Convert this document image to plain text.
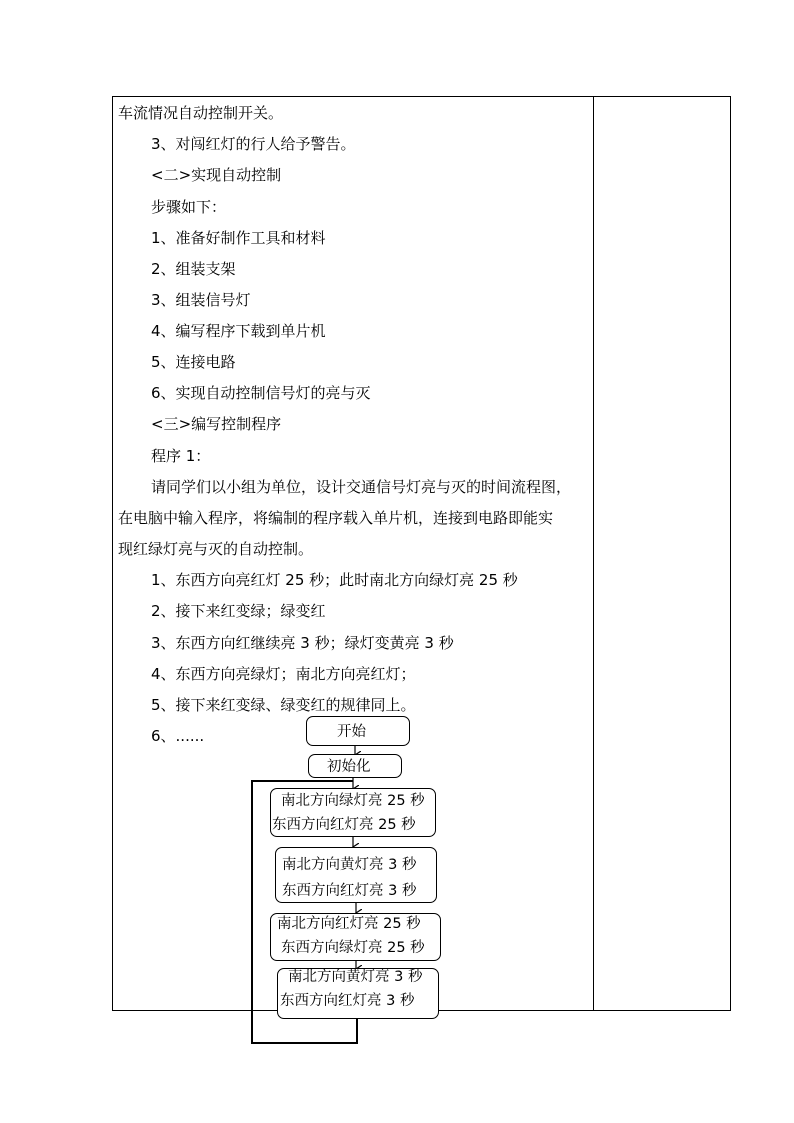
车流情况自动控制开关。
3、对闯红灯的行人给予警告。
<二>实现自动控制
步骤如下：
1、准备好制作工具和材料
2、组装支架
3、组装信号灯
4、编写程序下载到单片机
5、连接电路
6、实现自动控制信号灯的亮与灭
<三>编写控制程序
程序 1：
请同学们以小组为单位，设计交通信号灯亮与灭的时间流程图，
在电脑中输入程序，将编制的程序载入单片机，连接到电路即能实
现红绿灯亮与灭的自动控制。
1、东西方向亮红灯 25 秒；此时南北方向绿灯亮 25 秒
2、接下来红变绿；绿变红
3、东西方向红继续亮 3 秒；绿灯变黄亮 3 秒
4、东西方向亮绿灯；南北方向亮红灯；
5、接下来红变绿、绿变红的规律同上。
6、......	开始
初始化
南北方向绿灯亮 25 秒
东西方向红灯亮 25 秒
南北方向黄灯亮 3 秒
东西方向红灯亮 3 秒
南北方向红灯亮 25 秒
东西方向绿灯亮 25 秒
南北方向黄灯亮 3 秒
东西方向红灯亮 3 秒
